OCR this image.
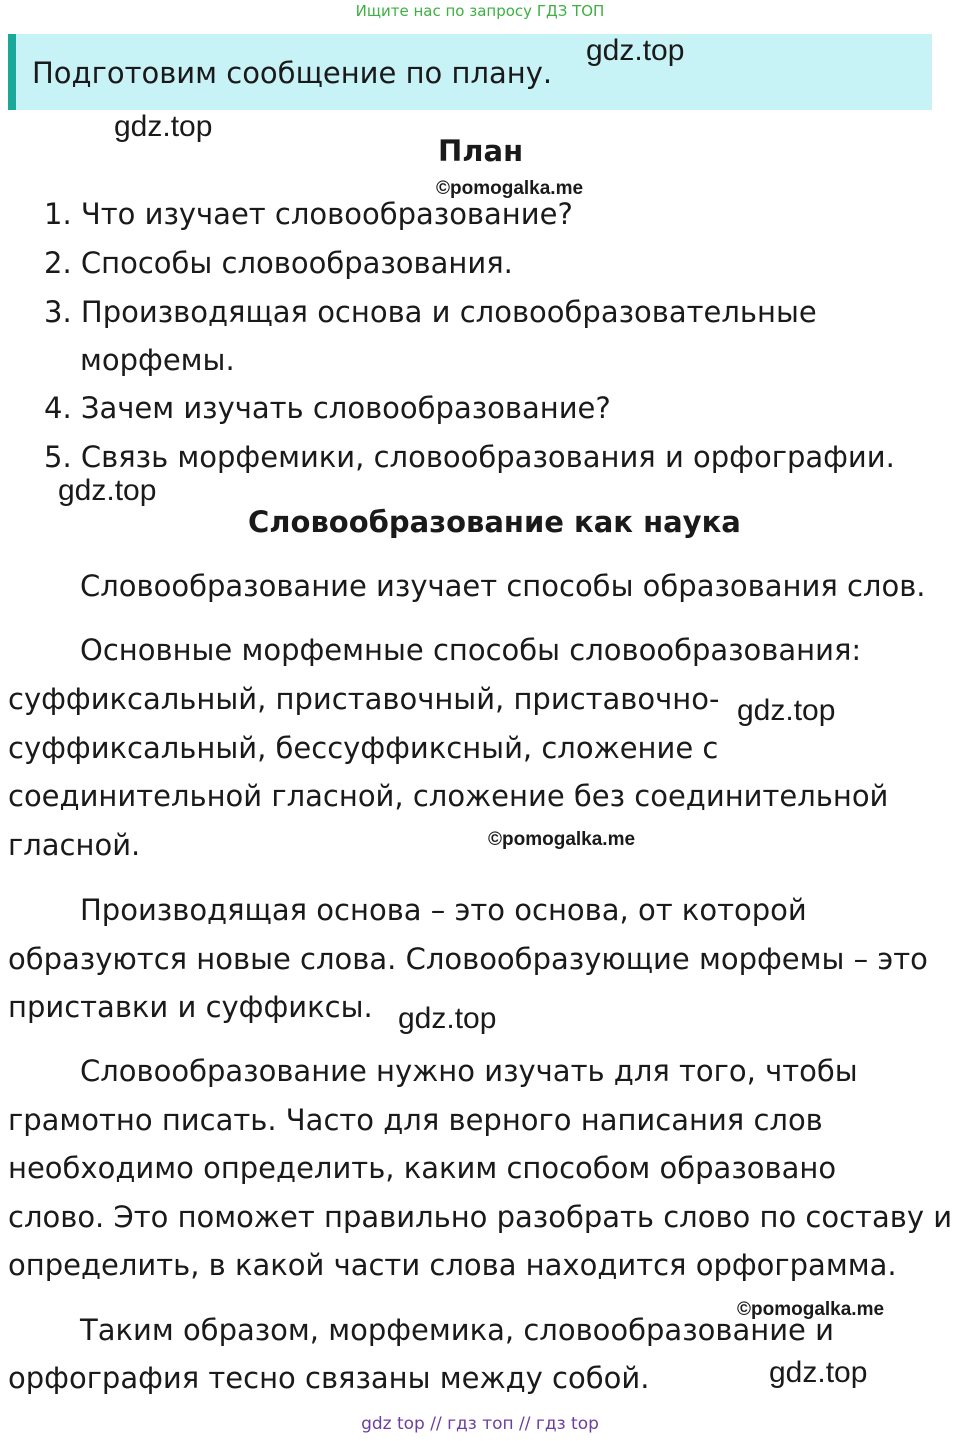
Ищите нас по запросу ГДЗ ТОП
Подготовим сообщение по плану.
gdz.top
gdz.top
План
©pomogalka.me
1. Что изучает словообразование?
2. Способы словообразования.
3. Производящая основа и словообразовательные
морфемы.
4. Зачем изучать словообразование?
5. Связь морфемики, словообразования и орфографии.
gdz.top
Словообразование как наука
Словообразование изучает способы образования слов.
Основные морфемные способы словообразования:
суффиксальный, приставочный, приставочно- gdz.top
суффиксальный, бессуффиксный, сложение с
соединительной гласной, сложение без соединительной
гласной.	©pomogalka.me
Производящая основа – это основа, от которой
образуются новые слова. Словообразующие морфемы – это
приставки и суффиксы. gdz.top
Словообразование нужно изучать для того, чтобы
грамотно писать. Часто для верного написания слов
необходимо определить, каким способом образовано
слово. Это поможет правильно разобрать слово по составу и
определить, в какой части слова находится орфограмма.
©pomogalka.me
Таким образом, морфемика, словообразование и
орфография тесно связаны между собой.	gdz.top
gdz top // гдз топ // гдз top
